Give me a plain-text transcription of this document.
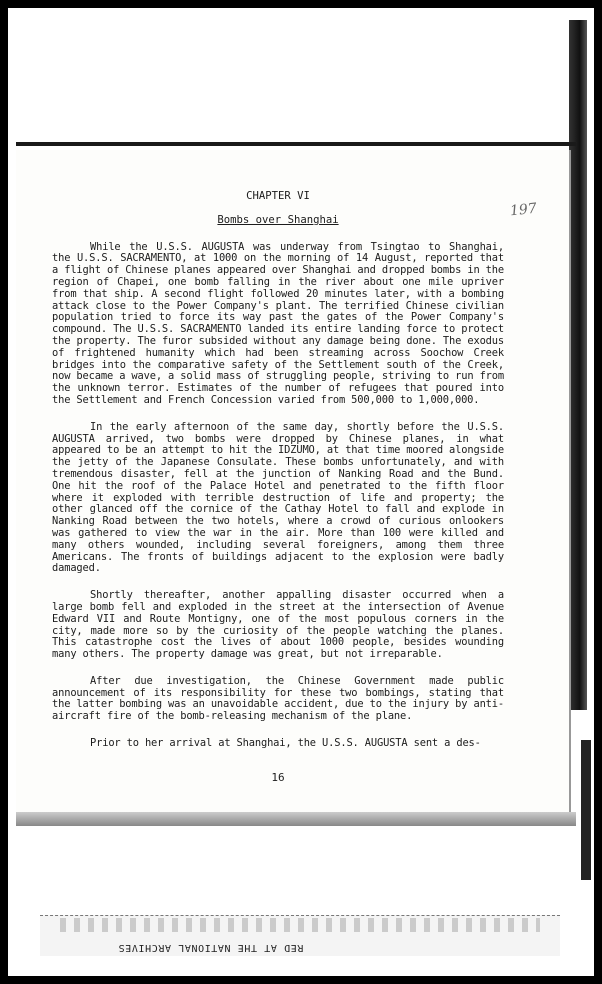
197

CHAPTER VI

Bombs over Shanghai

While the U.S.S. AUGUSTA was underway from Tsingtao to Shanghai, the U.S.S. SACRAMENTO, at 1000 on the morning of 14 August, reported that a flight of Chinese planes appeared over Shanghai and dropped bombs in the region of Chapei, one bomb falling in the river about one mile upriver from that ship. A second flight followed 20 minutes later, with a bombing attack close to the Power Company's plant. The terrified Chinese civilian population tried to force its way past the gates of the Power Company's compound. The U.S.S. SACRAMENTO landed its entire landing force to protect the property. The furor subsided without any damage being done. The exodus of frightened humanity which had been streaming across Soochow Creek bridges into the comparative safety of the Settlement south of the Creek, now became a wave, a solid mass of struggling people, striving to run from the unknown terror. Estimates of the number of refugees that poured into the Settlement and French Concession varied from 500,000 to 1,000,000.

In the early afternoon of the same day, shortly before the U.S.S. AUGUSTA arrived, two bombs were dropped by Chinese planes, in what appeared to be an attempt to hit the IDZUMO, at that time moored alongside the jetty of the Japanese Consulate. These bombs unfortunately, and with tremendous disaster, fell at the junction of Nanking Road and the Bund. One hit the roof of the Palace Hotel and penetrated to the fifth floor where it exploded with terrible destruction of life and property; the other glanced off the cornice of the Cathay Hotel to fall and explode in Nanking Road between the two hotels, where a crowd of curious onlookers was gathered to view the war in the air. More than 100 were killed and many others wounded, including several foreigners, among them three Americans. The fronts of buildings adjacent to the explosion were badly damaged.

Shortly thereafter, another appalling disaster occurred when a large bomb fell and exploded in the street at the intersection of Avenue Edward VII and Route Montigny, one of the most populous corners in the city, made more so by the curiosity of the people watching the planes. This catastrophe cost the lives of about 1000 people, besides wounding many others. The property damage was great, but not irreparable.

After due investigation, the Chinese Government made public announcement of its responsibility for these two bombings, stating that the latter bombing was an unavoidable accident, due to the injury by anti-aircraft fire of the bomb-releasing mechanism of the plane.

Prior to her arrival at Shanghai, the U.S.S. AUGUSTA sent a des-

16
RED AT THE NATIONAL ARCHIVES
